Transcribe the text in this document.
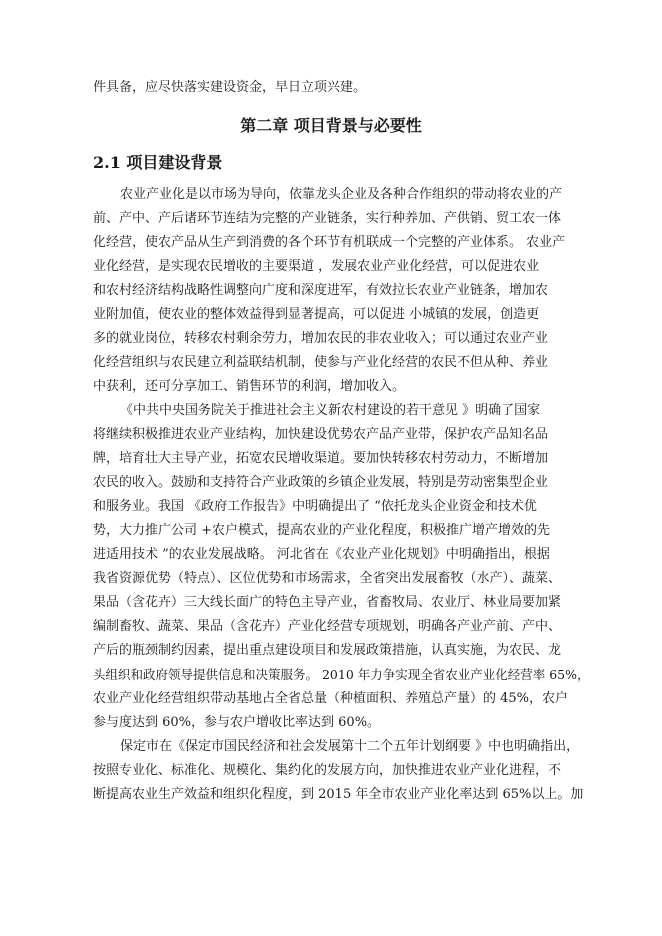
件具备，应尽快落实建设资金，早日立项兴建。
第二章 项目背景与必要性
2.1 项目建设背景
农业产业化是以市场为导向，依靠龙头企业及各种合作组织的带动将农业的产
前、产中、产后诸环节连结为完整的产业链条，实行种养加、产供销、贸工农一体
化经营，使农产品从生产到消费的各个环节有机联成一个完整的产业体系。 农业产
业化经营，是实现农民增收的主要渠道 ，发展农业产业化经营，可以促进农业
和农村经济结构战略性调整向广度和深度进军，有效拉长农业产业链条，增加农
业附加值，使农业的整体效益得到显著提高，可以促进 小城镇的发展，创造更
多的就业岗位，转移农村剩余劳力，增加农民的非农业收入；可以通过农业产业
化经营组织与农民建立利益联结机制，使参与产业化经营的农民不但从种、养业
中获利，还可分享加工、销售环节的利润，增加收入。
《中共中央国务院关于推进社会主义新农村建设的若干意见 》明确了国家
将继续积极推进农业产业结构，加快建设优势农产品产业带，保护农产品知名品
牌，培育壮大主导产业，拓宽农民增收渠道。要加快转移农村劳动力，不断增加
农民的收入。鼓励和支持符合产业政策的乡镇企业发展，特别是劳动密集型企业
和服务业。我国 《政府工作报告》中明确提出了 “依托龙头企业资金和技术优
势，大力推广公司 +农户模式，提高农业的产业化程度，积极推广增产增效的先
进适用技术 ”的农业发展战略。 河北省在《农业产业化规划》中明确指出，根据
我省资源优势（特点）、区位优势和市场需求，全省突出发展畜牧（水产）、蔬菜、
果品（含花卉）三大线长面广的特色主导产业，省畜牧局、农业厅、林业局要加紧
编制畜牧、蔬菜、果品（含花卉）产业化经营专项规划，明确各产业产前、产中、
产后的瓶颈制约因素，提出重点建设项目和发展政策措施，认真实施，为农民、龙
头组织和政府领导提供信息和决策服务。 2010 年力争实现全省农业产业化经营率 65%，
农业产业化经营组织带动基地占全省总量（种植面积、养殖总产量）的 45%，农户
参与度达到 60%，参与农户增收比率达到 60%。
保定市在《保定市国民经济和社会发展第十二个五年计划纲要 》中也明确指出，
按照专业化、标准化、规模化、集约化的发展方向，加快推进农业产业化进程，不
断提高农业生产效益和组织化程度，到 2015 年全市农业产业化率达到 65%以上。加
